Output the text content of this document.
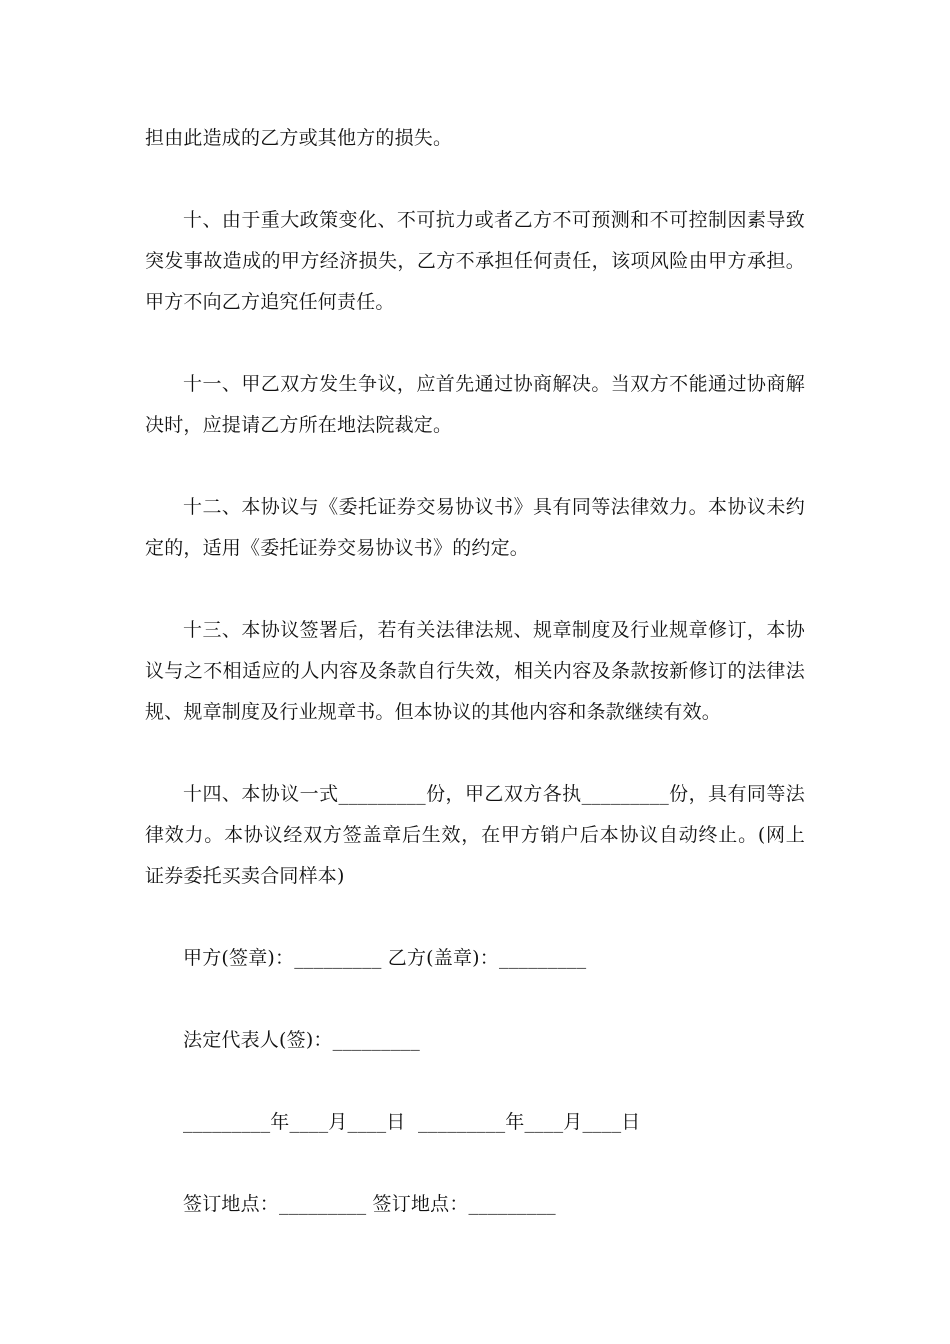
担由此造成的乙方或其他方的损失。

十、由于重大政策变化、不可抗力或者乙方不可预测和不可控制因素导致突发事故造成的甲方经济损失，乙方不承担任何责任，该项风险由甲方承担。甲方不向乙方追究任何责任。

十一、甲乙双方发生争议，应首先通过协商解决。当双方不能通过协商解决时，应提请乙方所在地法院裁定。

十二、本协议与《委托证券交易协议书》具有同等法律效力。本协议未约定的，适用《委托证券交易协议书》的约定。

十三、本协议签署后，若有关法律法规、规章制度及行业规章修订，本协议与之不相适应的人内容及条款自行失效，相关内容及条款按新修订的法律法规、规章制度及行业规章书。但本协议的其他内容和条款继续有效。

十四、本协议一式_________份，甲乙双方各执_________份，具有同等法律效力。本协议经双方签盖章后生效，在甲方销户后本协议自动终止。(网上证券委托买卖合同样本)

甲方(签章)：_________ 乙方(盖章)：_________
法定代表人(签)：_________
_________年____月____日  _________年____月____日
签订地点：_________ 签订地点：_________
